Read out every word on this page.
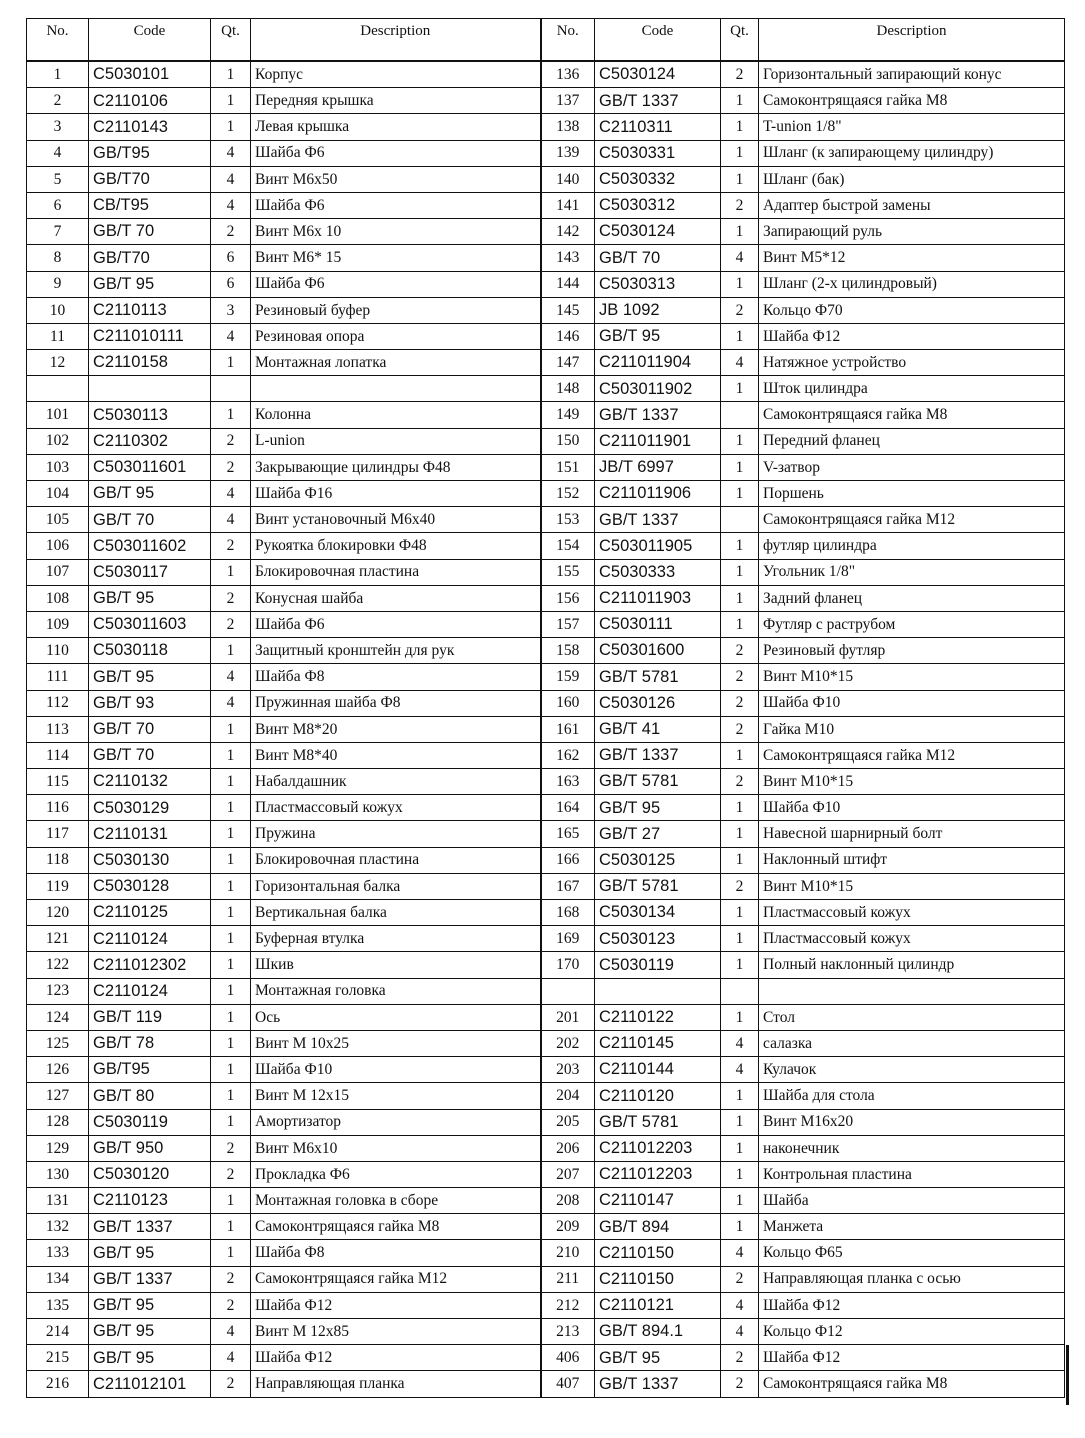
No.	Code	Qt.	Description	No.	Code	Qt.	Description
1	C5030101	1	Корпус	136	C5030124	2	Горизонтальный запирающий конус
2	C2110106	1	Передняя крышка	137	GB/T 1337	1	Самоконтрящаяся гайка М8
3	C2110143	1	Левая крышка	138	C2110311	1	T-union 1/8"
4	GB/T95	4	Шайба Ф6	139	C5030331	1	Шланг (к запирающему цилиндру)
5	GB/T70	4	Винт М6х50	140	C5030332	1	Шланг (бак)
6	CB/T95	4	Шайба Ф6	141	C5030312	2	Адаптер быстрой замены
7	GB/T 70	2	Винт М6х 10	142	C5030124	1	Запирающий руль
8	GB/T70	6	Винт М6* 15	143	GB/T 70	4	Винт М5*12
9	GB/T 95	6	Шайба Ф6	144	C5030313	1	Шланг (2-х цилиндровый)
10	C2110113	3	Резиновый буфер	145	JB 1092	2	Кольцо Ф70
11	C211010111	4	Резиновая опора	146	GB/T 95	1	Шайба Ф12
12	C2110158	1	Монтажная лопатка	147	C211011904	4	Натяжное устройство
				148	C503011902	1	Шток цилиндра
101	C5030113	1	Колонна	149	GB/T 1337		Самоконтрящаяся гайка М8
102	C2110302	2	L-union	150	C211011901	1	Передний фланец
103	C503011601	2	Закрывающие цилиндры Ф48	151	JB/T 6997	1	V-затвор
104	GB/T 95	4	Шайба Ф16	152	C211011906	1	Поршень
105	GB/T 70	4	Винт установочный М6х40	153	GB/T 1337		Самоконтрящаяся гайка М12
106	C503011602	2	Рукоятка блокировки Ф48	154	C503011905	1	футляр цилиндра
107	C5030117	1	Блокировочная пластина	155	C5030333	1	Угольник 1/8"
108	GB/T 95	2	Конусная шайба	156	C211011903	1	Задний фланец
109	C503011603	2	Шайба Ф6	157	C5030111	1	Футляр с раструбом
110	C5030118	1	Защитный кронштейн для рук	158	C50301600	2	Резиновый футляр
111	GB/T 95	4	Шайба Ф8	159	GB/T 5781	2	Винт М10*15
112	GB/T 93	4	Пружинная шайба Ф8	160	C5030126	2	Шайба Ф10
113	GB/T 70	1	Винт М8*20	161	GB/T 41	2	Гайка М10
114	GB/T 70	1	Винт М8*40	162	GB/T 1337	1	Самоконтрящаяся гайка М12
115	C2110132	1	Набалдашник	163	GB/T 5781	2	Винт М10*15
116	C5030129	1	Пластмассовый кожух	164	GB/T 95	1	Шайба Ф10
117	C2110131	1	Пружина	165	GB/T 27	1	Навесной шарнирный болт
118	C5030130	1	Блокировочная пластина	166	C5030125	1	Наклонный штифт
119	C5030128	1	Горизонтальная балка	167	GB/T 5781	2	Винт М10*15
120	C2110125	1	Вертикальная балка	168	C5030134	1	Пластмассовый кожух
121	C2110124	1	Буферная втулка	169	C5030123	1	Пластмассовый кожух
122	C211012302	1	Шкив	170	C5030119	1	Полный наклонный цилиндр
123	C2110124	1	Монтажная головка				
124	GB/T 119	1	Ось	201	C2110122	1	Стол
125	GB/T 78	1	Винт М 10х25	202	C2110145	4	салазка
126	GB/T95	1	Шайба Ф10	203	C2110144	4	Кулачок
127	GB/T 80	1	Винт М 12х15	204	C2110120	1	Шайба для стола
128	C5030119	1	Амортизатор	205	GB/T 5781	1	Винт М16х20
129	GB/T 950	2	Винт М6х10	206	C211012203	1	наконечник
130	C5030120	2	Прокладка Ф6	207	C211012203	1	Контрольная пластина
131	C2110123	1	Монтажная головка в сборе	208	C2110147	1	Шайба
132	GB/T 1337	1	Самоконтрящаяся гайка М8	209	GB/T 894	1	Манжета
133	GB/T 95	1	Шайба Ф8	210	C2110150	4	Кольцо Ф65
134	GB/T 1337	2	Самоконтрящаяся гайка М12	211	C2110150	2	Направляющая планка с осью
135	GB/T 95	2	Шайба Ф12	212	C2110121	4	Шайба Ф12
214	GB/T 95	4	Винт М 12х85	213	GB/T 894.1	4	Кольцо Ф12
215	GB/T 95	4	Шайба Ф12	406	GB/T 95	2	Шайба Ф12
216	C211012101	2	Направляющая планка	407	GB/T 1337	2	Самоконтрящаяся гайка М8
